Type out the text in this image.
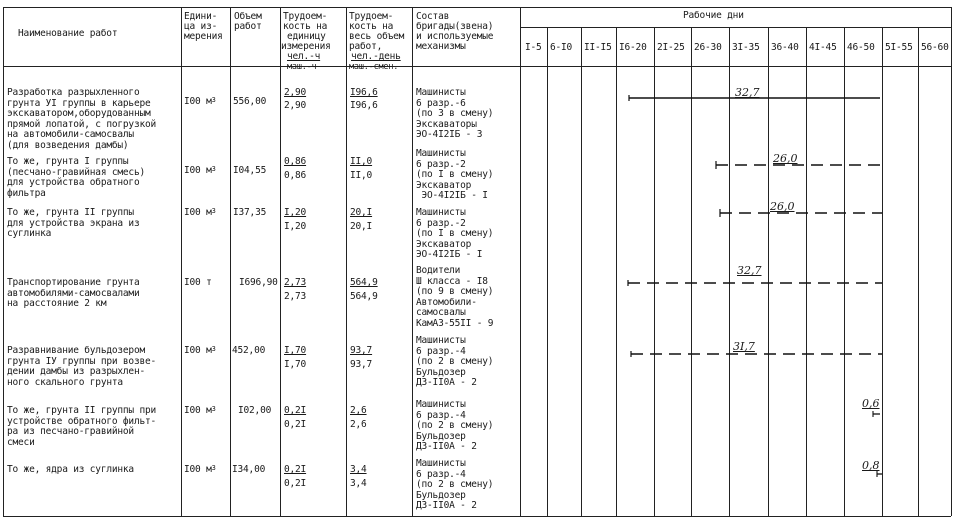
Наименование работ
Едини-
ца из-
мерения
Объем
работ
Трудоем-
кость на
единицу
измерения
чел.-ч
маш.-ч
Трудоем-
кость на
весь объем
работ,
чел.-день
маш.-смен.
Состав
бригады(звена)
и используемые
механизмы
Рабочие дни
I-5 6-I0 II-I5 I6-20 2I-25 26-30 3I-35 36-40 4I-45 46-50 5I-55 56-60
Разработка разрыхленного
грунта УI группы в карьере
экскаватором,оборудованным
прямой лопатой, с погрузкой
на автомобили-самосвалы
(для возведения дамбы)
I00 $м^3$ 556,00
2,90
2,90
I96,6
I96,6
Машинисты
6 разр.-6
(по 3 в смену)
Экскаваторы
ЭО-4I2IБ - 3
То же, грунта I группы
(песчано-гравийная смесь)
для устройства обратного
фильтра
I00 $м^3$ I04,55
0,86
0,86
II,0
II,0
Машинисты
6 разр.-2
(по I в смену)
Экскаватор
ЭО-4I2IБ - I
То же, грунта II группы
для устройства экрана из
суглинка
I00 $м^3$ I37,35 I,20
I,20
20,I
20,I
Машинисты
6 разр.-2
(по I в смену)
Экскаватор
ЭО-4I2IБ - I
Транспортирование грунта
автомобилями-самосвалами
на расстояние 2 км
I00 т	I696,90 2,73
2,73
564,9
564,9
Водители
Ш класса - I8
(по 9 в смену)
Автомобили-
самосвалы
КамАЗ-55II - 9
Разравнивание бульдозером
грунта IУ группы при возве-
дении дамбы из разрыхлен-
ного скального грунта
I00 $м^3$ 452,00 I,70
I,70
93,7
93,7
Машинисты
6 разр.-4
(по 2 в смену)
Бульдозер
ДЗ-II0А - 2
То же, грунта II группы при
устройстве обратного фильт-
ра из песчано-гравийной
смеси
I00 $м^3$ I02,00 0,2I
0,2I
2,6
2,6
Машинисты
6 разр.-4
(по 2 в смену)
Бульдозер
ДЗ-II0А - 2
То же, ядра из суглинка	I00 $м^3$ I34,00 0,2I
0,2I
3,4
3,4
Машинисты
6 разр.-4
(по 2 в смену)
Бульдозер
ДЗ-II0А - 2
32,7
26,0
26,0
32,7
3I,7
0,6
0,8
